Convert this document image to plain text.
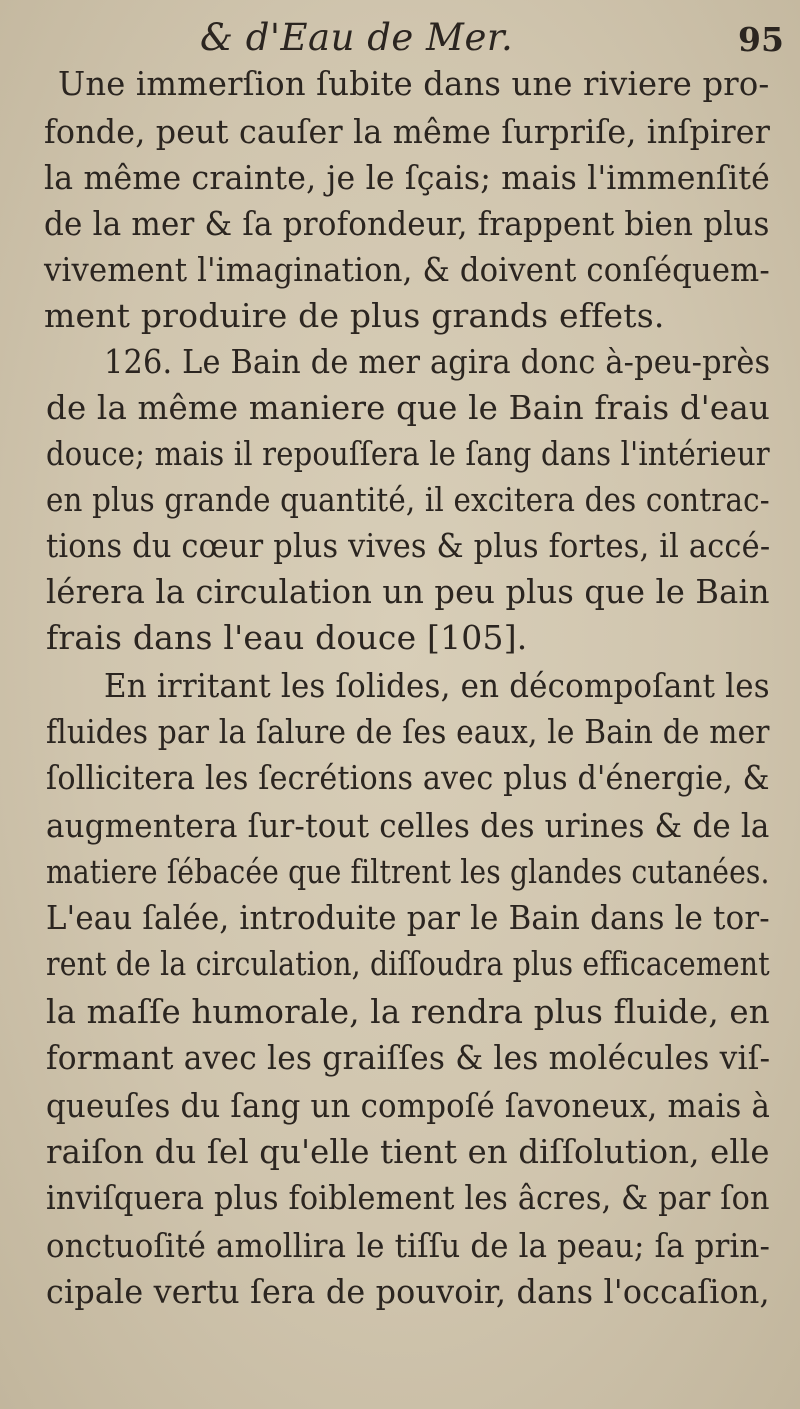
& d'Eau de Mer.	95
Une immerſion ſubite dans une riviere pro-
fonde, peut cauſer la même ſurpriſe, inſpirer
la même crainte, je le ſçais; mais l'immenſité
de la mer & ſa profondeur, frappent bien plus
vivement l'imagination, & doivent conſéquem-
ment produire de plus grands effets.
126. Le Bain de mer agira donc à-peu-près
de la même maniere que le Bain frais d'eau
douce; mais il repouſſera le ſang dans l'intérieur
en plus grande quantité, il excitera des contrac-
tions du cœur plus vives & plus fortes, il accé-
lérera la circulation un peu plus que le Bain
frais dans l'eau douce [105].
En irritant les ſolides, en décompoſant les
fluides par la ſalure de ſes eaux, le Bain de mer
ſollicitera les ſecrétions avec plus d'énergie, &
augmentera ſur-tout celles des urines & de la
matiere ſébacée que filtrent les glandes cutanées.
L'eau ſalée, introduite par le Bain dans le tor-
rent de la circulation, diſſoudra plus efficacement
la maſſe humorale, la rendra plus fluide, en
formant avec les graiſſes & les molécules viſ-
queuſes du ſang un compoſé ſavoneux, mais à
raiſon du ſel qu'elle tient en diſſolution, elle
inviſquera plus foiblement les âcres, & par ſon
onctuoſité amollira le tiſſu de la peau; ſa prin-
cipale vertu ſera de pouvoir, dans l'occaſion,
